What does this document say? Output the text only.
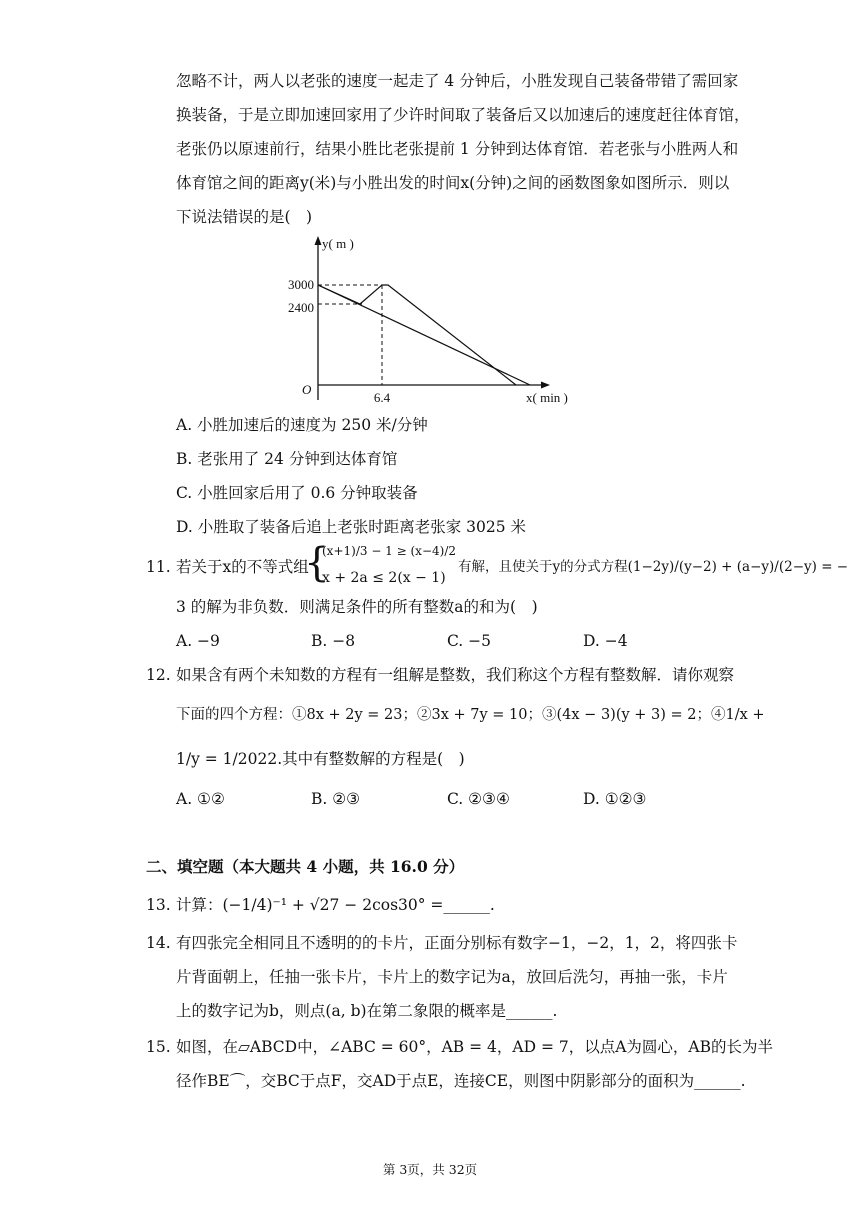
忽略不计，两人以老张的速度一起走了 4 分钟后，小胜发现自己装备带错了需回家
换装备，于是立即加速回家用了少许时间取了装备后又以加速后的速度赶往体育馆，
老张仍以原速前行，结果小胜比老张提前 1 分钟到达体育馆．若老张与小胜两人和
体育馆之间的距离y(米)与小胜出发的时间x(分钟)之间的函数图象如图所示．则以
下说法错误的是(　)
y( m )
3000
2400
O
6.4	x( min )
A. 小胜加速后的速度为 250 米/分钟
B. 老张用了 24 分钟到达体育馆
C. 小胜回家后用了 0.6 分钟取装备
D. 小胜取了装备后追上老张时距离老张家 3025 米
11. 若关于x的不等式组
{
(x+1)/3 − 1 ≥ (x−4)/2
x + 2a ≤ 2(x − 1)
有解，且使关于y的分式方程(1−2y)/(y−2) + (a−y)/(2−y) = −
3 的解为非负数．则满足条件的所有整数a的和为(　)
A. −9	B. −8	C. −5	D. −4
12. 如果含有两个未知数的方程有一组解是整数，我们称这个方程有整数解．请你观察
下面的四个方程：①8x + 2y = 23；②3x + 7y = 10；③(4x − 3)(y + 3) = 2；④1/x +
1/y = 1/2022.其中有整数解的方程是(　)
A. ①②	B. ②③	C. ②③④	D. ①②③
二、填空题（本大题共 4 小题，共 16.0 分）
13. 计算：(−1/4)⁻¹ + √27 − 2cos30° =______.
14. 有四张完全相同且不透明的的卡片，正面分别标有数字−1，−2，1，2，将四张卡
片背面朝上，任抽一张卡片，卡片上的数字记为a，放回后洗匀，再抽一张，卡片
上的数字记为b，则点(a, b)在第二象限的概率是______.
15. 如图，在▱ABCD中，∠ABC = 60°，AB = 4，AD = 7，以点A为圆心，AB的长为半
径作BE⌒，交BC于点F，交AD于点E，连接CE，则图中阴影部分的面积为______.
第 3页，共 32页
